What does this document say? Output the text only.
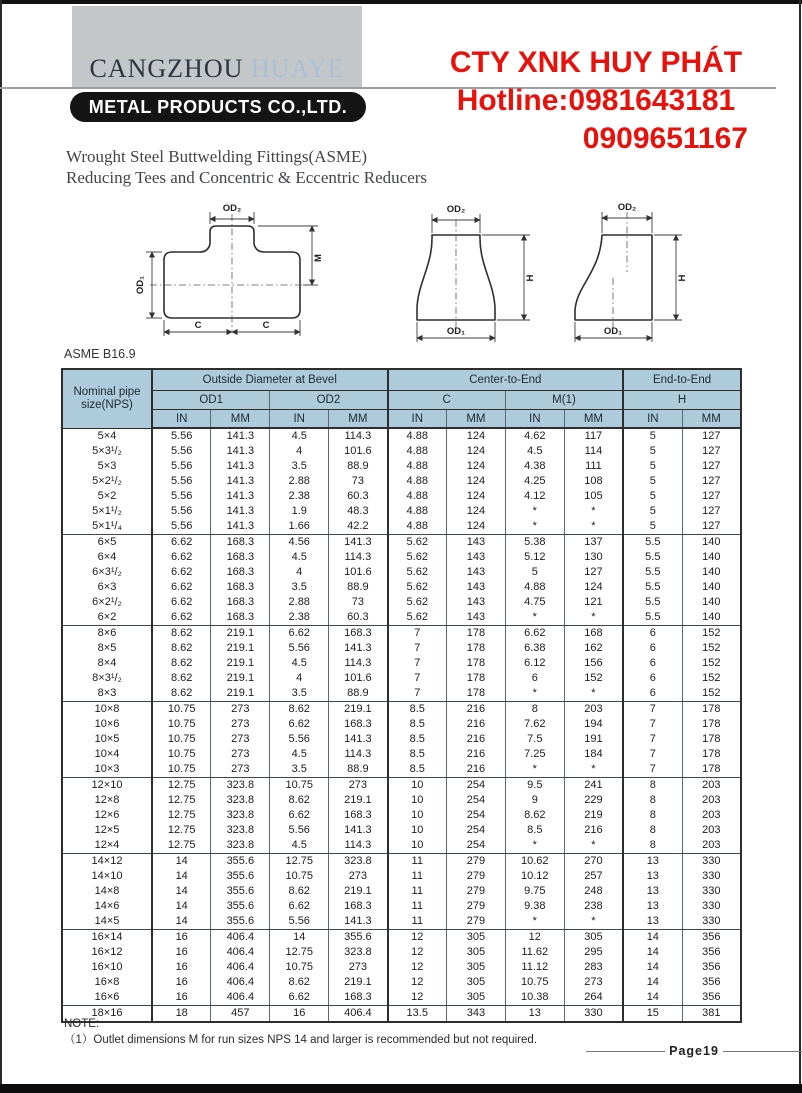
CANGZHOU HUAYE
METAL PRODUCTS CO.,LTD.
CTY XNK HUY PHÁT
Hotline:0981643181
0909651167
Wrought Steel Buttwelding Fittings(ASME)
Reducing Tees and Concentric & Eccentric Reducers
OD₂
M
OD₁
C	C
OD₂
H
OD₁
OD₂
H
OD₁
ASME B16.9
Nominal pipe size(NPS)	Outside Diameter at Bevel				Center-to-End				End-to-End	
	OD1		OD2		C		M(1)		H	
	IN	MM	IN	MM	IN	MM	IN	MM	IN	MM
5×4	5.56	141.3	4.5	114.3	4.88	124	4.62	117	5	127
5×3¹/₂	5.56	141.3	4	101.6	4.88	124	4.5	114	5	127
5×3	5.56	141.3	3.5	88.9	4.88	124	4.38	111	5	127
5×2¹/₂	5.56	141.3	2.88	73	4.88	124	4.25	108	5	127
5×2	5.56	141.3	2.38	60.3	4.88	124	4.12	105	5	127
5×1¹/₂	5.56	141.3	1.9	48.3	4.88	124	*	*	5	127
5×1¹/₄	5.56	141.3	1.66	42.2	4.88	124	*	*	5	127
6×5	6.62	168.3	4.56	141.3	5.62	143	5.38	137	5.5	140
6×4	6.62	168.3	4.5	114.3	5.62	143	5.12	130	5.5	140
6×3¹/₂	6.62	168.3	4	101.6	5.62	143	5	127	5.5	140
6×3	6.62	168.3	3.5	88.9	5.62	143	4.88	124	5.5	140
6×2¹/₂	6.62	168.3	2.88	73	5.62	143	4.75	121	5.5	140
6×2	6.62	168.3	2.38	60.3	5.62	143	*	*	5.5	140
8×6	8.62	219.1	6.62	168.3	7	178	6.62	168	6	152
8×5	8.62	219.1	5.56	141.3	7	178	6.38	162	6	152
8×4	8.62	219.1	4.5	114.3	7	178	6.12	156	6	152
8×3¹/₂	8.62	219.1	4	101.6	7	178	6	152	6	152
8×3	8.62	219.1	3.5	88.9	7	178	*	*	6	152
10×8	10.75	273	8.62	219.1	8.5	216	8	203	7	178
10×6	10.75	273	6.62	168.3	8.5	216	7.62	194	7	178
10×5	10.75	273	5.56	141.3	8.5	216	7.5	191	7	178
10×4	10.75	273	4.5	114.3	8.5	216	7.25	184	7	178
10×3	10.75	273	3.5	88.9	8.5	216	*	*	7	178
12×10	12.75	323.8	10.75	273	10	254	9.5	241	8	203
12×8	12.75	323.8	8.62	219.1	10	254	9	229	8	203
12×6	12.75	323.8	6.62	168.3	10	254	8.62	219	8	203
12×5	12.75	323.8	5.56	141.3	10	254	8.5	216	8	203
12×4	12.75	323.8	4.5	114.3	10	254	*	*	8	203
14×12	14	355.6	12.75	323.8	11	279	10.62	270	13	330
14×10	14	355.6	10.75	273	11	279	10.12	257	13	330
14×8	14	355.6	8.62	219.1	11	279	9.75	248	13	330
14×6	14	355.6	6.62	168.3	11	279	9.38	238	13	330
14×5	14	355.6	5.56	141.3	11	279	*	*	13	330
16×14	16	406.4	14	355.6	12	305	12	305	14	356
16×12	16	406.4	12.75	323.8	12	305	11.62	295	14	356
16×10	16	406.4	10.75	273	12	305	11.12	283	14	356
16×8	16	406.4	8.62	219.1	12	305	10.75	273	14	356
16×6	16	406.4	6.62	168.3	12	305	10.38	264	14	356
18×16	18	457	16	406.4	13.5	343	13	330	15	381
NOTE:
（1）Outlet dimensions M for run sizes NPS 14 and larger is recommended but not required.
Page19
